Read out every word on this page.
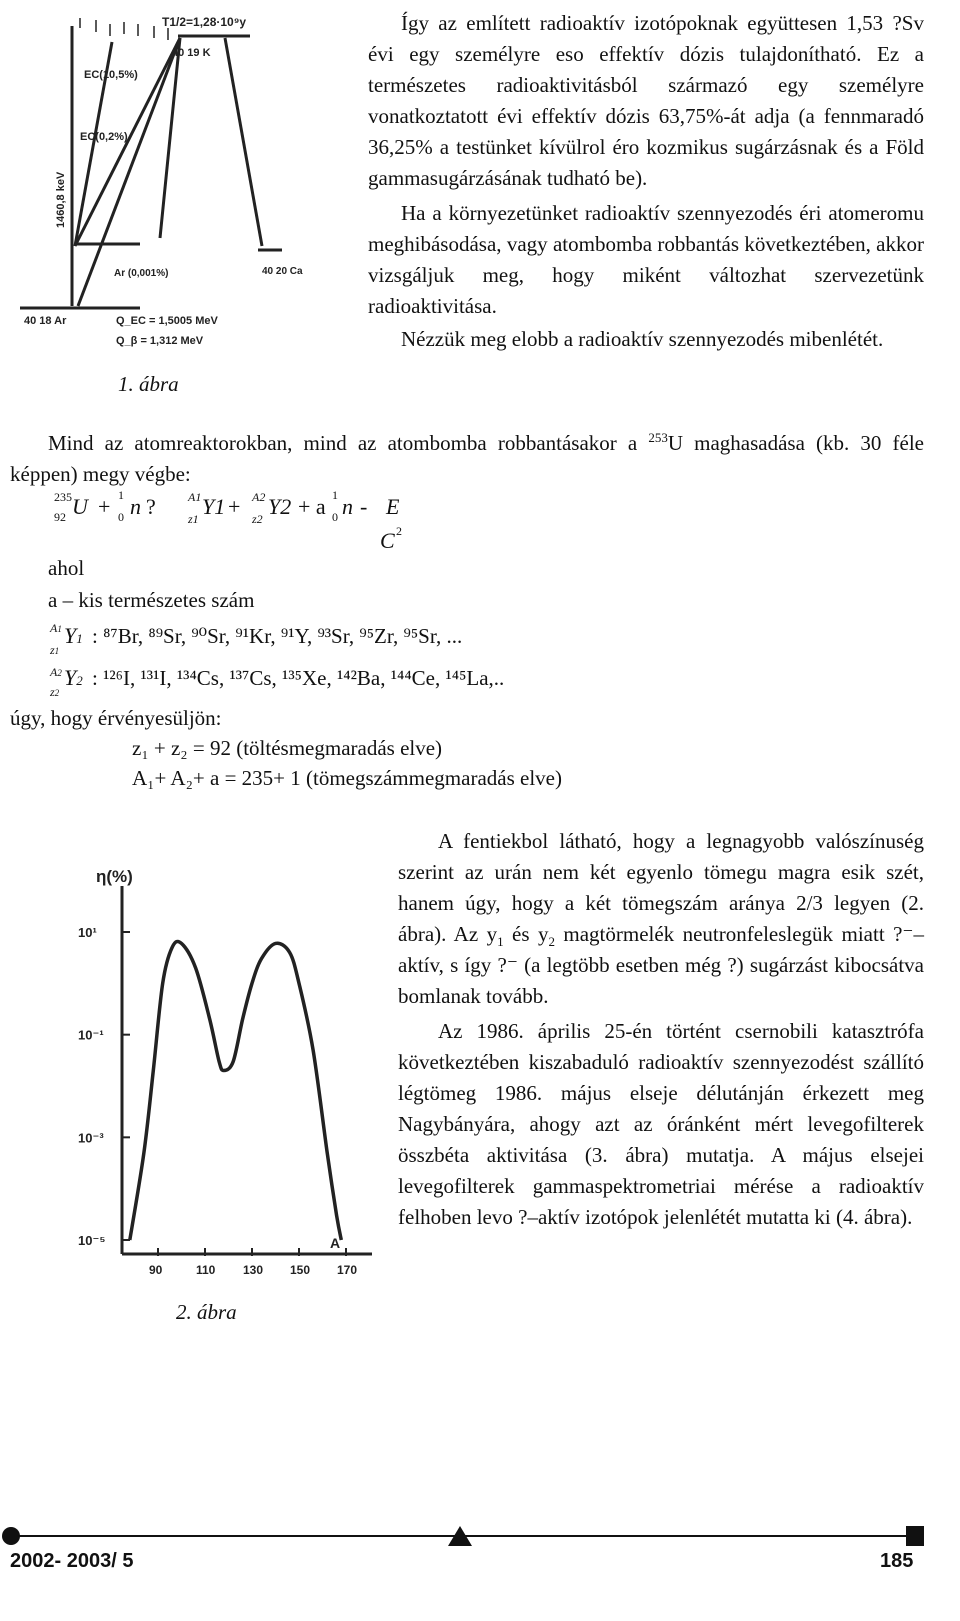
T1/2=1,28·10⁹y
40 19 K
EC(10,5%)
EC(0,2%)
1460,8 keV
40 18 Ar
Ar (0,001%)	40 20 Ca
Q_EC = 1,5005 MeV
Q_β = 1,312 MeV
1. ábra

Így az említett radioaktív izotópoknak együttesen 1,53 ?Sv évi egy személyre eso effektív dózis tulajdonítható. Ez a természetes radioaktivitásból származó egy személyre vonatkoztatott évi effektív dózis 63,75%-át adja (a fennmaradó 36,25% a testünket kívülrol éro kozmikus sugárzásnak és a Föld gammasugárzásának tudható be).

Ha a környezetünket radioaktív szennyezodés éri atomeromu meghibásodása, vagy atombomba robbantás következtében, akkor vizsgáljuk meg, hogy miként változhat szervezetünk radioaktivitása.

Nézzük meg elobb a radioaktív szennyezodés mibenlétét.

Mind az atomreaktorokban, mind az atombomba robbantásakor a $^{253}$U maghasadása (kb. 30 féle képpen) megy végbe:
235
92 U + 1
0 n ?	A1
z1 Y1 + A2
z2 Y2 + a 1
0 n - E
C 2
ahol
a – kis természetes szám
A1
z1
Y1 : ⁸⁷Br, ⁸⁹Sr, ⁹⁰Sr, ⁹¹Kr, ⁹¹Y, ⁹³Sr, ⁹⁵Zr, ⁹⁵Sr, ...
A2
z2
Y2 : ¹²⁶I, ¹³¹I, ¹³⁴Cs, ¹³⁷Cs, ¹³⁵Xe, ¹⁴²Ba, ¹⁴⁴Ce, ¹⁴⁵La,..
úgy, hogy érvényesüljön:
z₁ + z₂ = 92 (töltésmegmaradás elve)
A₁+ A₂+ a = 235+ 1 (tömegszámmegmaradás elve)
η(%)
A
10¹
10⁻¹
10⁻³
10⁻⁵
90	110 130 150 170
2. ábra

A fentiekbol látható, hogy a legnagyobb valószínuség szerint az urán nem két egyenlo tömegu magra esik szét, hanem úgy, hogy a két tömegszám aránya 2/3 legyen (2. ábra). Az $y_1$ és $y_2$ magtörmelék neutronfeleslegük miatt ?⁻–aktív, s így ?⁻ (a legtöbb esetben még ?) sugárzást kibocsátva bomlanak tovább.

Az 1986. április 25-én történt csernobili katasztrófa következtében kiszabaduló radioaktív szennyezodést szállító légtömeg 1986. május elseje délutánján érkezett meg Nagybányára, ahogy azt az óránként mért levegofilterek összbéta aktivitása (3. ábra) mutatja. A május elsejei levegofilterek gammaspektrometriai mérése a radioaktív felhoben levo ?–aktív izotópok jelenlétét mutatta ki (4. ábra).

2002- 2003/ 5	185
